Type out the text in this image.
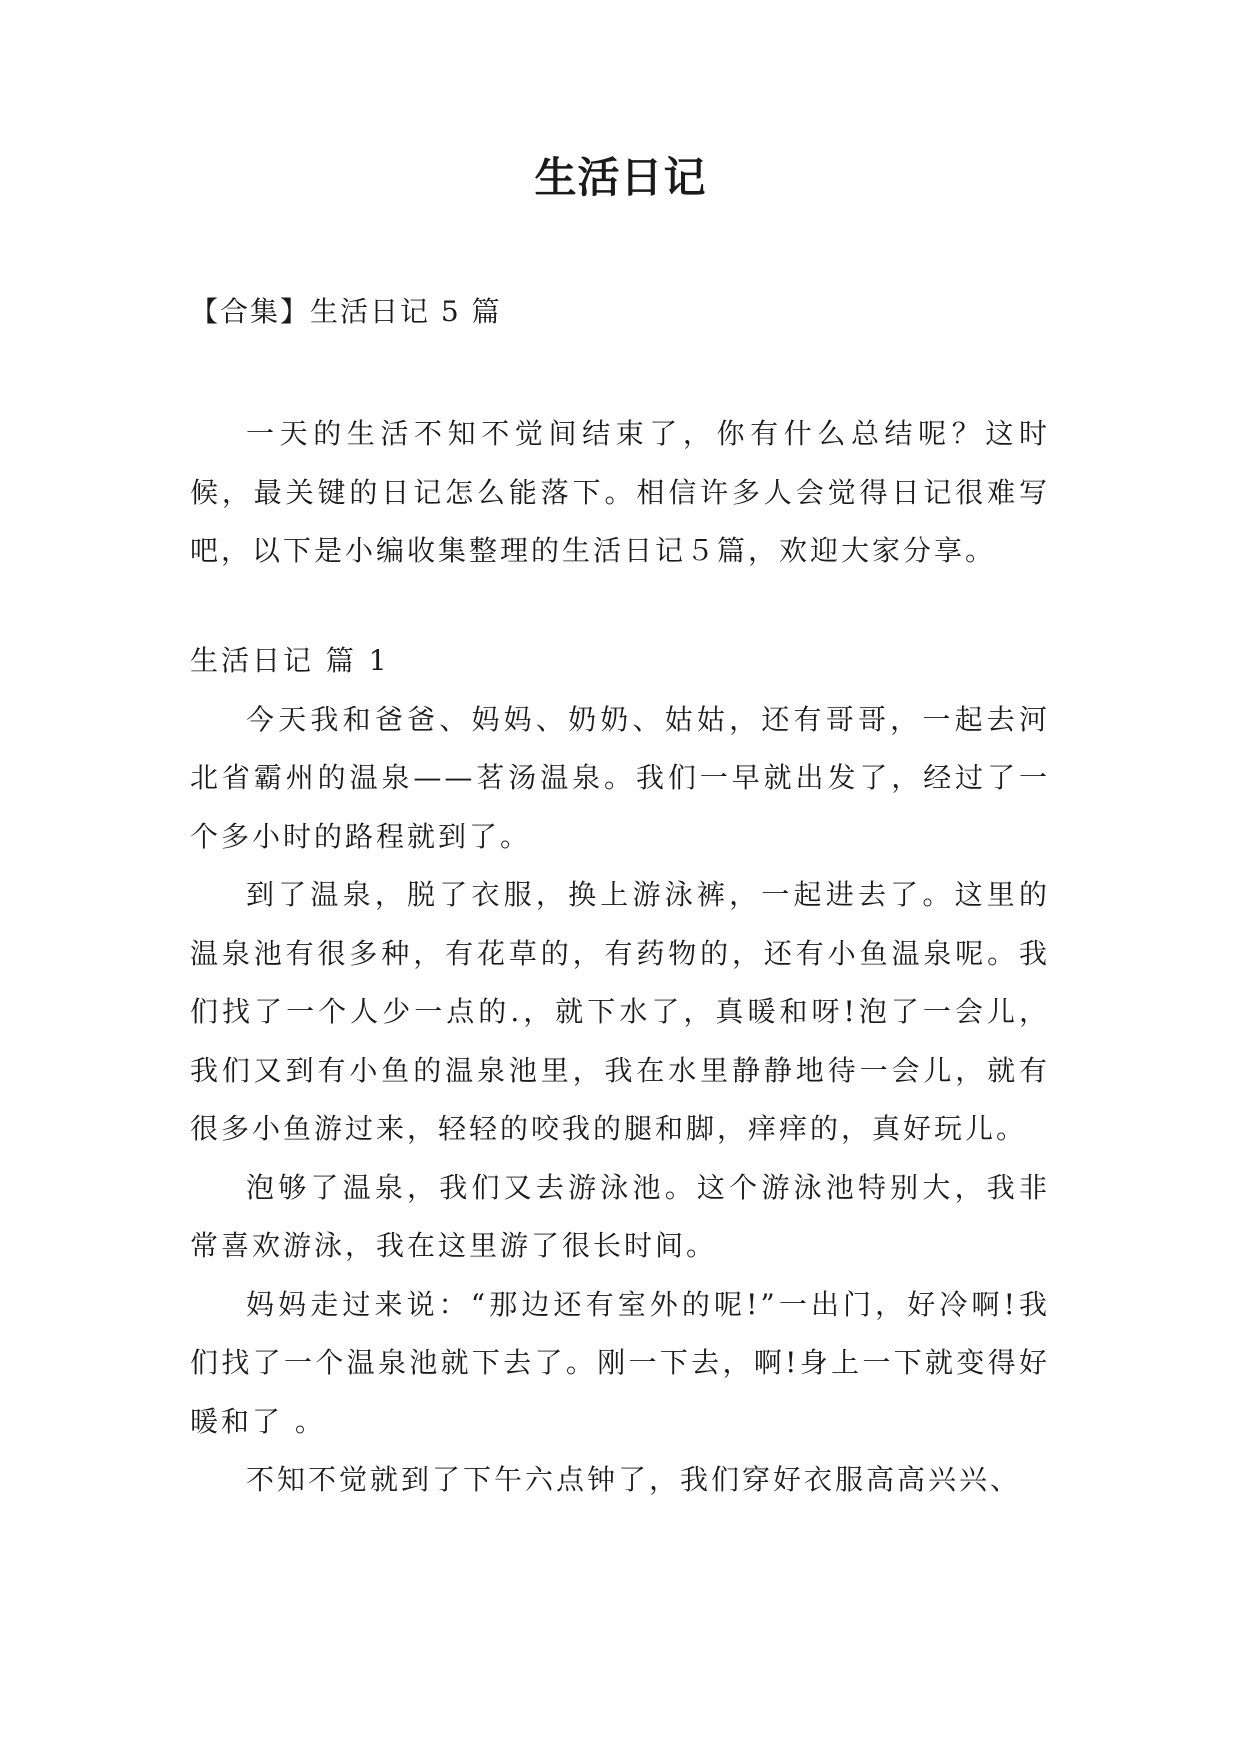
生活日记

【合集】生活日记 5 篇

一天的生活不知不觉间结束了，你有什么总结呢？这时候，最关键的日记怎么能落下。相信许多人会觉得日记很难写吧，以下是小编收集整理的生活日记５篇，欢迎大家分享。

生活日记 篇 1

今天我和爸爸、妈妈、奶奶、姑姑，还有哥哥，一起去河北省霸州的温泉——茗汤温泉。我们一早就出发了，经过了一个多小时的路程就到了。

到了温泉，脱了衣服，换上游泳裤，一起进去了。这里的温泉池有很多种，有花草的，有药物的，还有小鱼温泉呢。我们找了一个人少一点的.，就下水了，真暖和呀!泡了一会儿，我们又到有小鱼的温泉池里，我在水里静静地待一会儿，就有很多小鱼游过来，轻轻的咬我的腿和脚，痒痒的，真好玩儿。

泡够了温泉，我们又去游泳池。这个游泳池特别大，我非常喜欢游泳，我在这里游了很长时间。

妈妈走过来说：“那边还有室外的呢!”一出门，好冷啊!我们找了一个温泉池就下去了。刚一下去，啊!身上一下就变得好暖和了 。

不知不觉就到了下午六点钟了，我们穿好衣服高高兴兴、
